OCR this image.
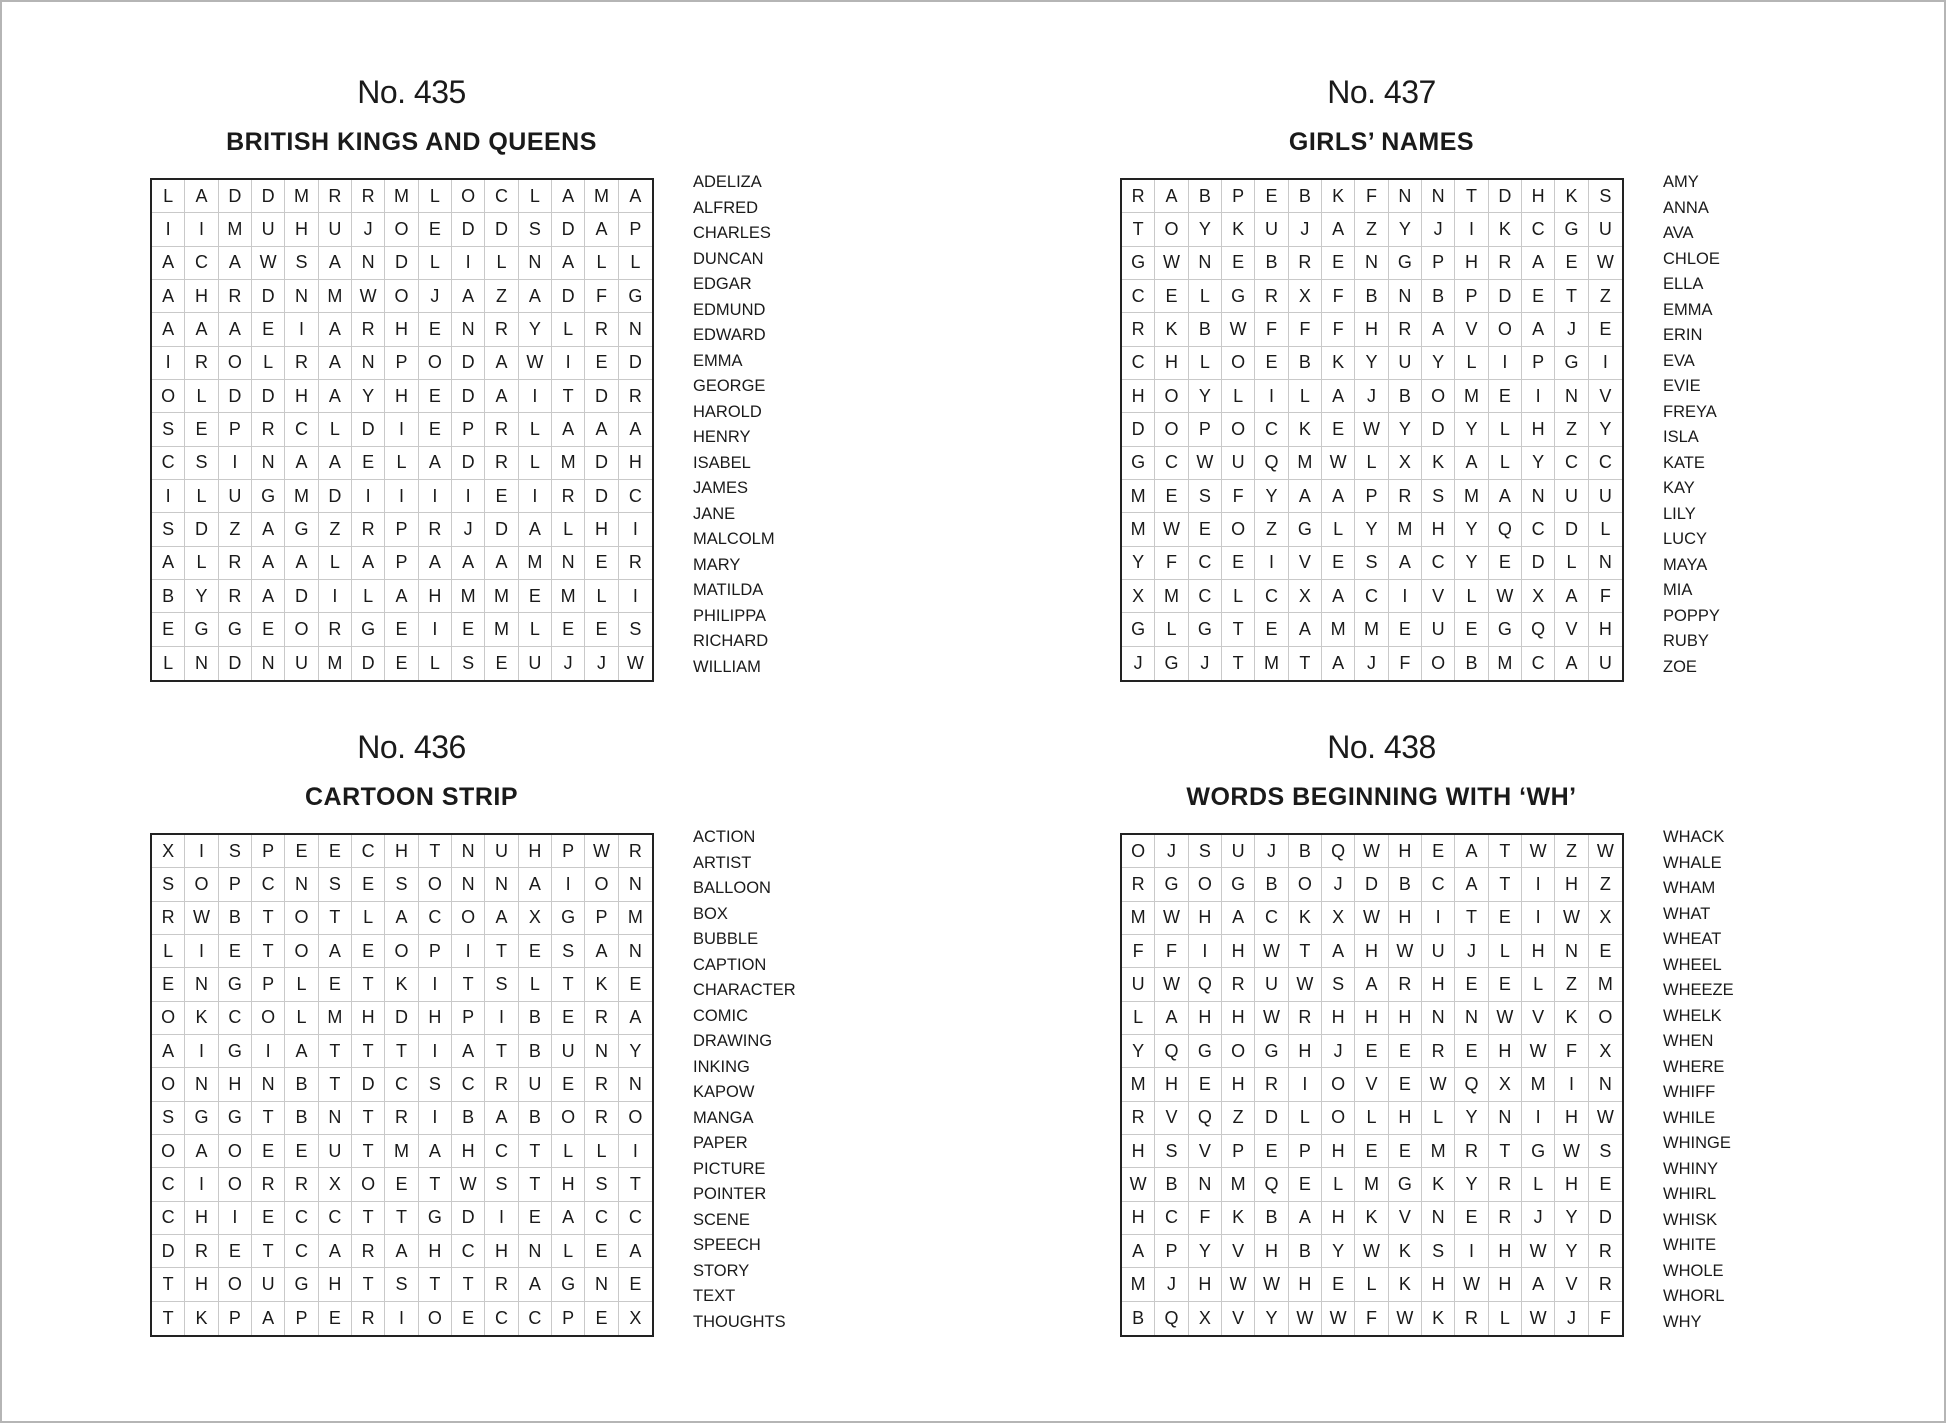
No. 435
BRITISH KINGS AND QUEENS
L	A	D	D	M	R	R	M	L	O	C	L	A	M	A
I	I	M	U	H	U	J	O	E	D	D	S	D	A	P
A	C	A	W	S	A	N	D	L	I	L	N	A	L	L
A	H	R	D	N	M W O	J	A	Z	A	D	F	G
A	A	A	E	I	A	R	H	E	N	R	Y	L	R	N
I	R	O	L	R	A	N	P	O	D	A	W	I	E	D
O	L	D	D	H	A	Y	H	E	D	A	I	T	D	R
S	E	P	R	C	L	D	I	E	P	R	L	A	A	A
C	S	I	N	A	A	E	L	A	D	R	L	M	D	H
I	L	U	G	M	D	I	I	I	I	E	I	R	D	C
S	D	Z	A	G	Z	R	P	R	J	D	A	L	H	I
A	L	R	A	A	L	A	P	A	A	A	M	N	E	R
B	Y	R	A	D	I	L	A	H	M	M	E	M	L	I
E	G	G	E	O	R	G	E	I	E	M	L	E	E	S
L	N	D	N	U	M	D	E	L	S	E	U	J	J	W
ADELIZA
ALFRED
CHARLES
DUNCAN
EDGAR
EDMUND
EDWARD
EMMA
GEORGE
HAROLD
HENRY
ISABEL
JAMES
JANE
MALCOLM
MARY
MATILDA
PHILIPPA
RICHARD
WILLIAM
No. 437
GIRLS’ NAMES
R	A	B	P	E	B	K	F	N	N	T	D	H	K	S
T	O	Y	K	U	J	A	Z	Y	J	I	K	C	G	U
G W	N	E	B	R	E	N	G	P	H	R	A	E	W
C	E	L	G	R	X	F	B	N	B	P	D	E	T	Z
R	K	B	W	F	F	F	H	R	A	V	O	A	J	E
C	H	L	O	E	B	K	Y	U	Y	L	I	P	G	I
H	O	Y	L	I	L	A	J	B	O	M	E	I	N	V
D	O	P	O	C	K	E	W	Y	D	Y	L	H	Z	Y
G	C	W	U	Q	M W	L	X	K	A	L	Y	C	C
M	E	S	F	Y	A	A	P	R	S	M	A	N	U	U
M W	E	O	Z	G	L	Y	M	H	Y	Q	C	D	L
Y	F	C	E	I	V	E	S	A	C	Y	E	D	L	N
X	M	C	L	C	X	A	C	I	V	L	W	X	A	F
G	L	G	T	E	A	M	M	E	U	E	G	Q	V	H
J	G	J	T	M	T	A	J	F	O	B	M	C	A	U
AMY
ANNA
AVA
CHLOE
ELLA
EMMA
ERIN
EVA
EVIE
FREYA
ISLA
KATE
KAY
LILY
LUCY
MAYA
MIA
POPPY
RUBY
ZOE
No. 436
CARTOON STRIP
X	I	S	P	E	E	C	H	T	N	U	H	P	W	R
S	O	P	C	N	S	E	S	O	N	N	A	I	O	N
R	W	B	T	O	T	L	A	C	O	A	X	G	P	M
L	I	E	T	O	A	E	O	P	I	T	E	S	A	N
E	N	G	P	L	E	T	K	I	T	S	L	T	K	E
O	K	C	O	L	M	H	D	H	P	I	B	E	R	A
A	I	G	I	A	T	T	T	I	A	T	B	U	N	Y
O	N	H	N	B	T	D	C	S	C	R	U	E	R	N
S	G	G	T	B	N	T	R	I	B	A	B	O	R	O
O	A	O	E	E	U	T	M	A	H	C	T	L	L	I
C	I	O	R	R	X	O	E	T	W	S	T	H	S	T
C	H	I	E	C	C	T	T	G	D	I	E	A	C	C
D	R	E	T	C	A	R	A	H	C	H	N	L	E	A
T	H	O	U	G	H	T	S	T	T	R	A	G	N	E
T	K	P	A	P	E	R	I	O	E	C	C	P	E	X
ACTION
ARTIST
BALLOON
BOX
BUBBLE
CAPTION
CHARACTER
COMIC
DRAWING
INKING
KAPOW
MANGA
PAPER
PICTURE
POINTER
SCENE
SPEECH
STORY
TEXT
THOUGHTS
No. 438
WORDS BEGINNING WITH ‘WH’
O	J	S	U	J	B	Q W	H	E	A	T	W	Z	W
R	G	O	G	B	O	J	D	B	C	A	T	I	H	Z
M W	H	A	C	K	X	W	H	I	T	E	I	W	X
F	F	I	H	W	T	A	H	W	U	J	L	H	N	E
U	W Q	R	U	W	S	A	R	H	E	E	L	Z	M
L	A	H	H	W	R	H	H	H	N	N	W	V	K	O
Y	Q	G	O	G	H	J	E	E	R	E	H	W	F	X
M	H	E	H	R	I	O	V	E	W Q	X	M	I	N
R	V	Q	Z	D	L	O	L	H	L	Y	N	I	H	W
H	S	V	P	E	P	H	E	E	M	R	T	G W	S
W	B	N	M	Q	E	L	M	G	K	Y	R	L	H	E
H	C	F	K	B	A	H	K	V	N	E	R	J	Y	D
A	P	Y	V	H	B	Y	W	K	S	I	H	W	Y	R
M	J	H	W W	H	E	L	K	H	W	H	A	V	R
B	Q	X	V	Y	W W	F	W	K	R	L	W	J	F
WHACK
WHALE
WHAM
WHAT
WHEAT
WHEEL
WHEEZE
WHELK
WHEN
WHERE
WHIFF
WHILE
WHINGE
WHINY
WHIRL
WHISK
WHITE
WHOLE
WHORL
WHY
